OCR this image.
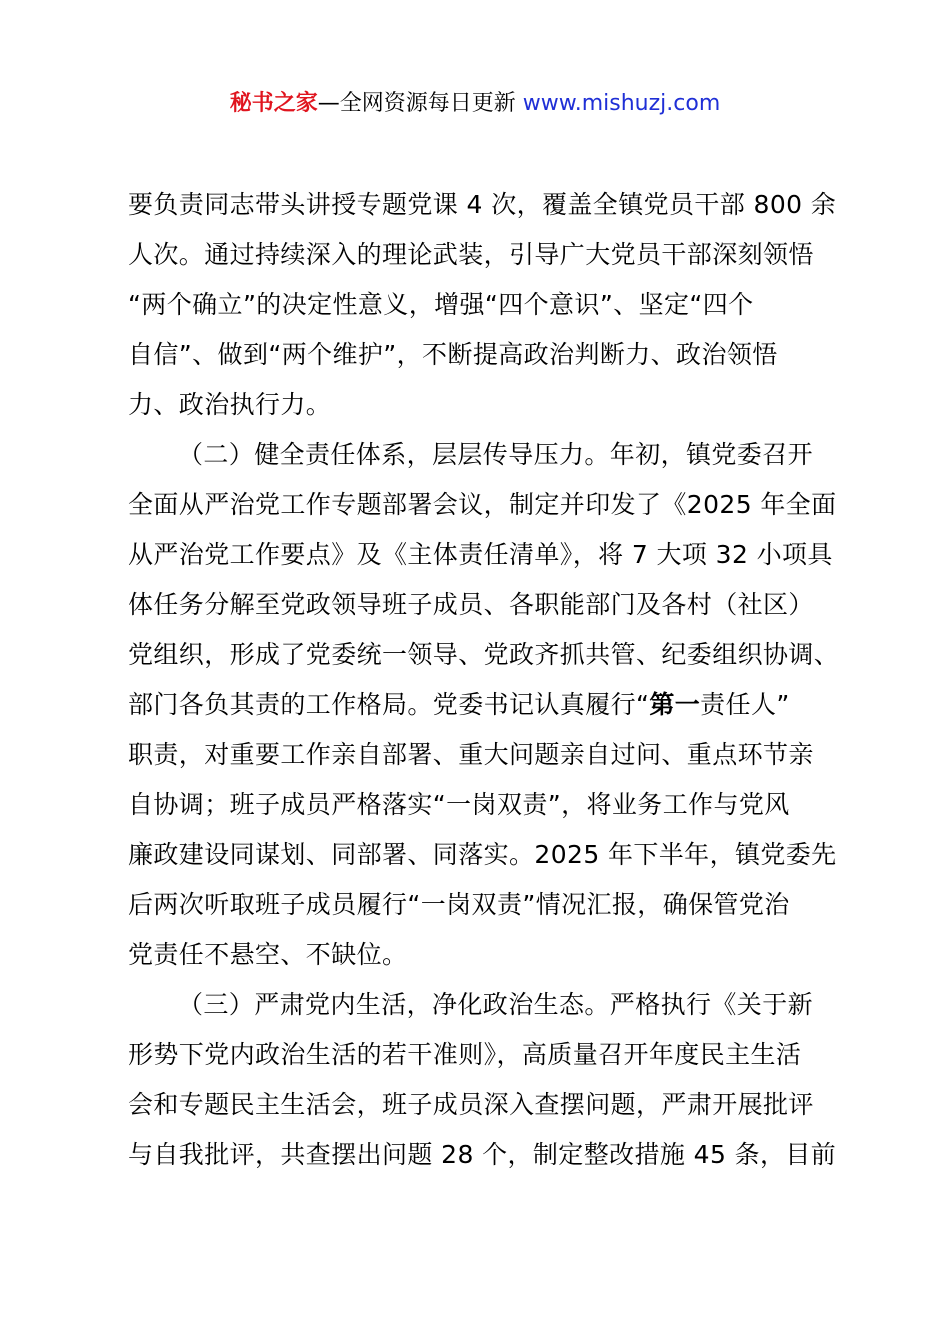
秘书之家—全网资源每日更新 www.mishuzj.com
要负责同志带头讲授专题党课 4 次，覆盖全镇党员干部 800 余
人次。通过持续深入的理论武装，引导广大党员干部深刻领悟
“两个确立”的决定性意义，增强“四个意识”、坚定“四个
自信”、做到“两个维护”，不断提高政治判断力、政治领悟
力、政治执行力。
（二）健全责任体系，层层传导压力。年初，镇党委召开
全面从严治党工作专题部署会议，制定并印发了《2025 年全面
从严治党工作要点》及《主体责任清单》，将 7 大项 32 小项具
体任务分解至党政领导班子成员、各职能部门及各村（社区）
党组织，形成了党委统一领导、党政齐抓共管、纪委组织协调、
部门各负其责的工作格局。党委书记认真履行“第一责任人”
职责，对重要工作亲自部署、重大问题亲自过问、重点环节亲
自协调；班子成员严格落实“一岗双责”，将业务工作与党风
廉政建设同谋划、同部署、同落实。2025 年下半年，镇党委先
后两次听取班子成员履行“一岗双责”情况汇报，确保管党治
党责任不悬空、不缺位。
（三）严肃党内生活，净化政治生态。严格执行《关于新
形势下党内政治生活的若干准则》，高质量召开年度民主生活
会和专题民主生活会，班子成员深入查摆问题，严肃开展批评
与自我批评，共查摆出问题 28 个，制定整改措施 45 条，目前
